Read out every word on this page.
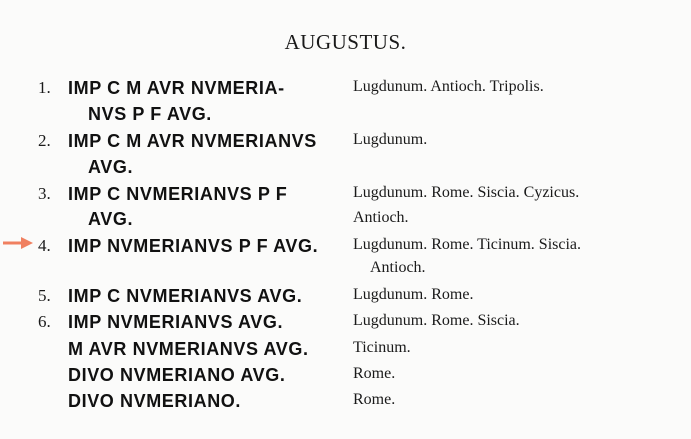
AUGUSTUS.
1. IMP C M AVR NVMERIA-	Lugdunum. Antioch. Tripolis.
NVS P F AVG.
2. IMP C M AVR NVMERIANVS Lugdunum.
AVG.
3. IMP C NVMERIANVS P F	Lugdunum. Rome. Siscia. Cyzicus.
AVG.	Antioch.
4. IMP NVMERIANVS P F AVG. Lugdunum. Rome. Ticinum. Siscia.
Antioch.
5. IMP C NVMERIANVS AVG.	Lugdunum. Rome.
6. IMP NVMERIANVS AVG.	Lugdunum. Rome. Siscia.
M AVR NVMERIANVS AVG.	Ticinum.
DIVO NVMERIANO AVG.	Rome.
DIVO NVMERIANO.	Rome.
